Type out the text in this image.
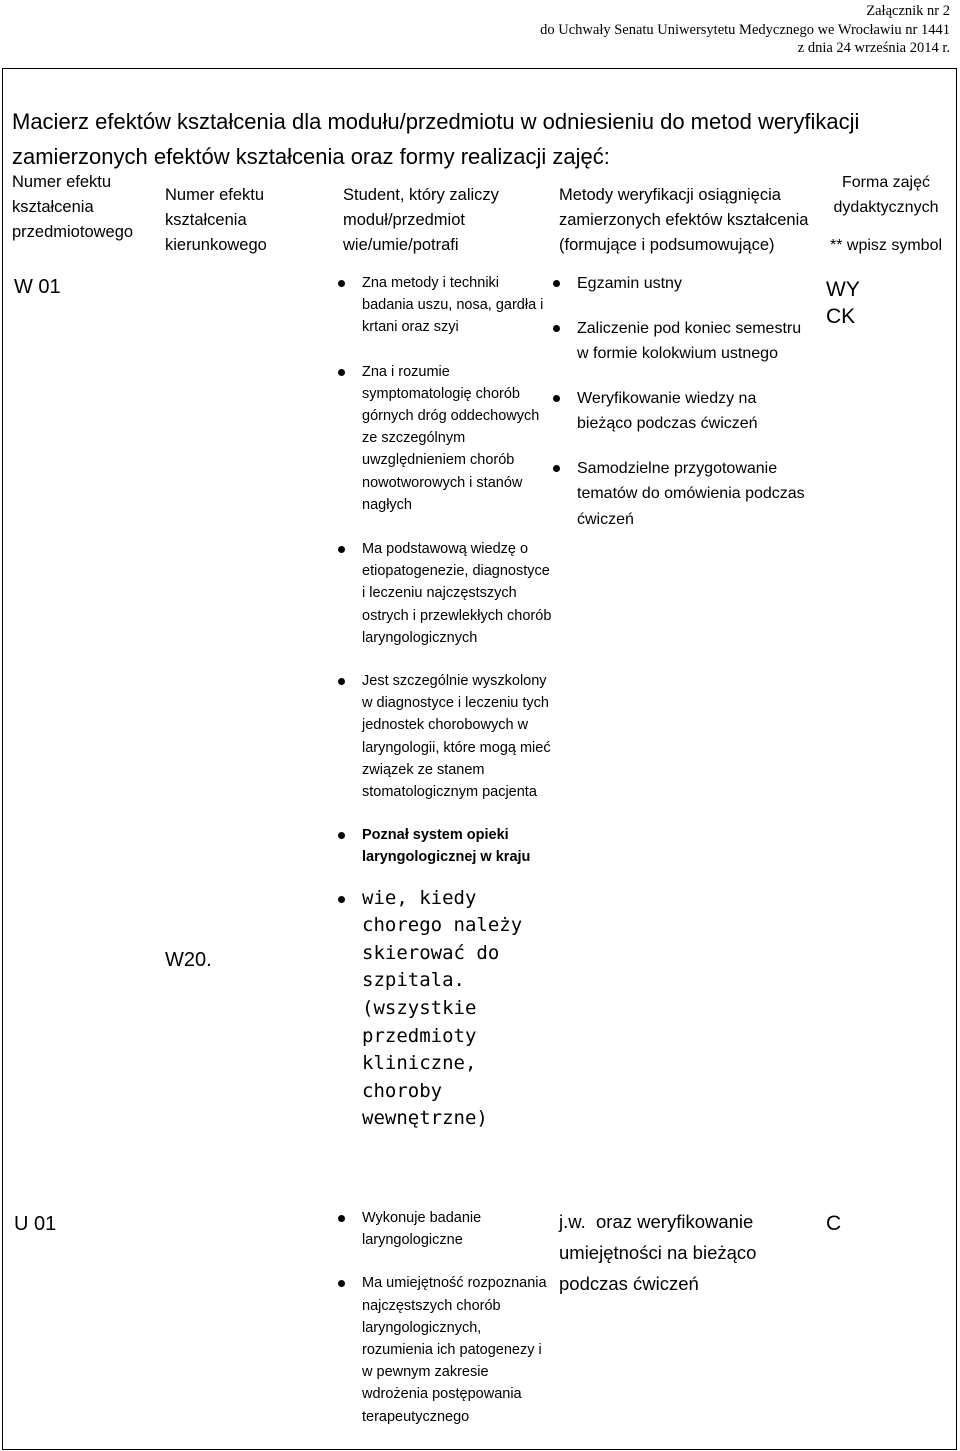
Załącznik nr 2
do Uchwały Senatu Uniwersytetu Medycznego we Wrocławiu nr 1441
z dnia 24 września 2014 r.
Macierz efektów kształcenia dla modułu/przedmiotu w odniesieniu do metod weryfikacji
zamierzonych efektów kształcenia oraz formy realizacji zajęć:
Numer efektu
kształcenia
przedmiotowego
Numer efektu
kształcenia
kierunkowego
Student, który zaliczy
moduł/przedmiot
wie/umie/potrafi
Metody weryfikacji osiągnięcia
zamierzonych efektów kształcenia
(formujące i podsumowujące)
Forma zajęć
dydaktycznych
** wpisz symbol
W 01
W20.
Zna metody i techniki badania uszu, nosa, gardła i krtani oraz szyi
Zna i rozumie symptomatologię chorób górnych dróg oddechowych ze szczególnym uwzględnieniem chorób nowotworowych i stanów nagłych
Ma podstawową wiedzę o etiopatogenezie, diagnostyce i leczeniu najczęstszych ostrych i przewlekłych chorób laryngologicznych
Jest szczególnie wyszkolony w diagnostyce i leczeniu tych jednostek chorobowych w laryngologii, które mogą mieć związek ze stanem stomatologicznym pacjenta
Poznał system opieki laryngologicznej w kraju
wie, kiedy chorego należy skierować do szpitala. (wszystkie przedmioty kliniczne, choroby wewnętrzne)
Egzamin ustny
Zaliczenie pod koniec semestru w formie kolokwium ustnego
Weryfikowanie wiedzy na bieżąco podczas ćwiczeń
Samodzielne przygotowanie tematów do omówienia podczas ćwiczeń
WY
CK
U 01	Wykonuje badanie laryngologiczne
Ma umiejętność rozpoznania najczęstszych chorób laryngologicznych, rozumienia ich patogenezy i w pewnym zakresie wdrożenia postępowania terapeutycznego
j.w. oraz weryfikowanie
umiejętności na bieżąco
podczas ćwiczeń
C
